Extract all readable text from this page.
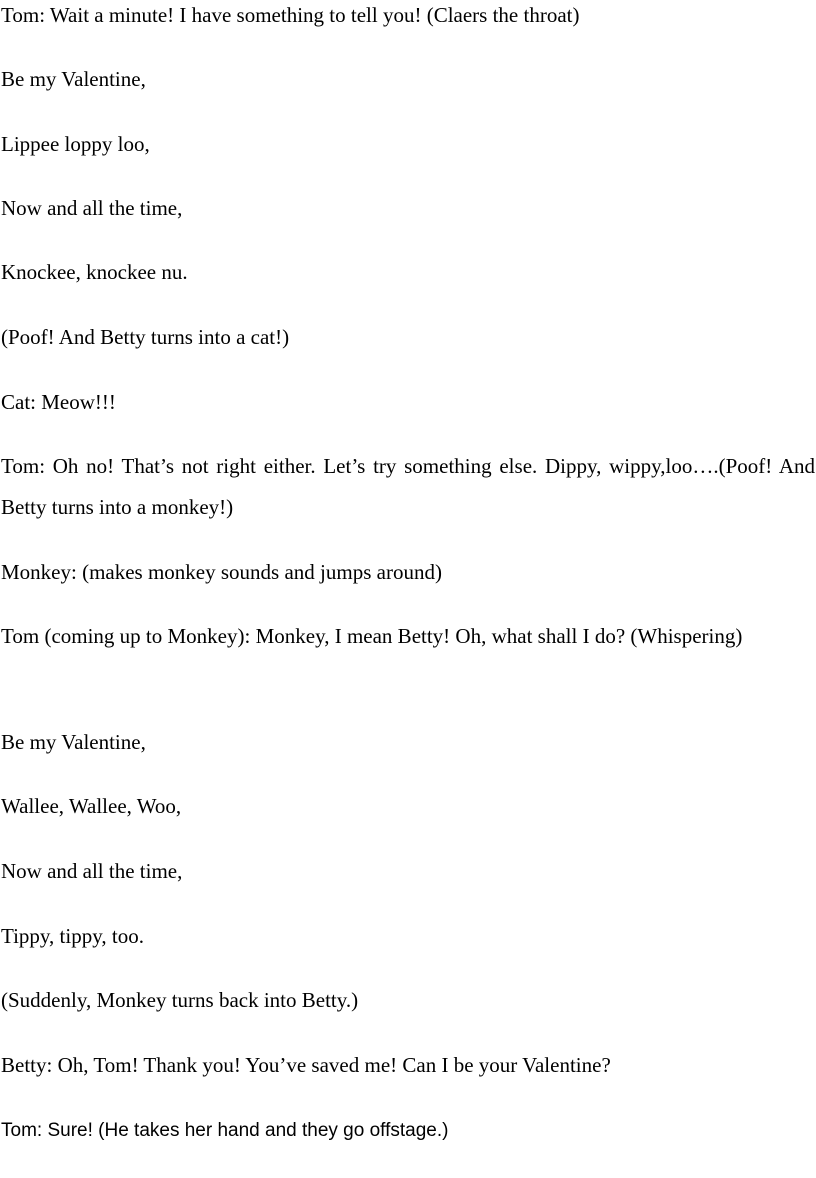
Tom: Wait a minute! I have something to tell you! (Claers the throat)

Be my Valentine,

Lippee loppy loo,

Now and all the time,

Knockee, knockee nu.

(Poof! And Betty turns into a cat!)

Cat: Meow!!!

Tom: Oh no! That’s not right either. Let’s try something else. Dippy, wippy,loo….(Poof! And Betty turns into a monkey!)

Monkey: (makes monkey sounds and jumps around)

Tom (coming up to Monkey): Monkey, I mean Betty! Oh, what shall I do? (Whispering)

Be my Valentine,

Wallee, Wallee, Woo,

Now and all the time,

Tippy, tippy, too.

(Suddenly, Monkey turns back into Betty.)

Betty: Oh, Tom! Thank you! You’ve saved me! Can I be your Valentine?

Tom: Sure! (He takes her hand and they go offstage.)
